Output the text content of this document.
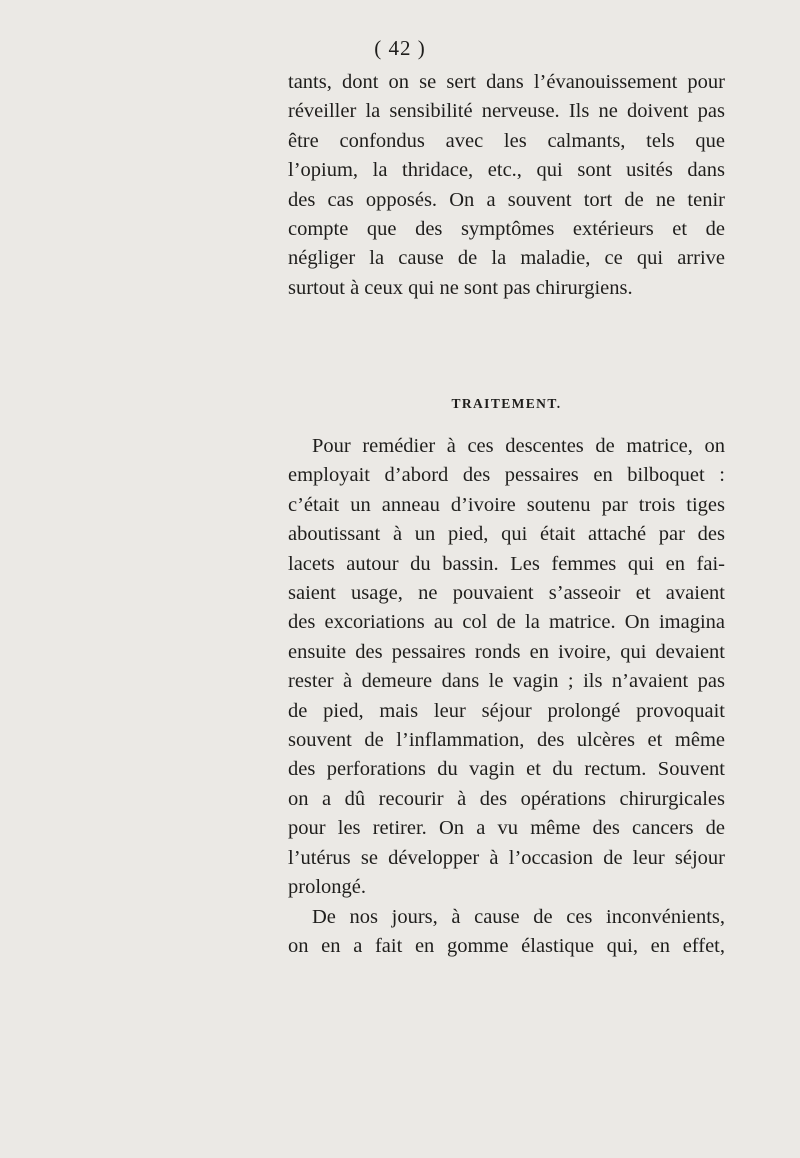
( 42 )
tants, dont on se sert dans l’évanouissement pour
réveiller la sensibilité nerveuse. Ils ne doivent pas
être confondus avec les calmants, tels que
l’opium, la thridace, etc., qui sont usités dans
des cas opposés. On a souvent tort de ne tenir
compte que des symptômes extérieurs et de
négliger la cause de la maladie, ce qui arrive
surtout à ceux qui ne sont pas chirurgiens.
TRAITEMENT.
Pour remédier à ces descentes de matrice, on
employait d’abord des pessaires en bilboquet :
c’était un anneau d’ivoire soutenu par trois tiges
aboutissant à un pied, qui était attaché par des
lacets autour du bassin. Les femmes qui en fai-
saient usage, ne pouvaient s’asseoir et avaient
des excoriations au col de la matrice. On imagina
ensuite des pessaires ronds en ivoire, qui devaient
rester à demeure dans le vagin ; ils n’avaient pas
de pied, mais leur séjour prolongé provoquait
souvent de l’inflammation, des ulcères et même
des perforations du vagin et du rectum. Souvent
on a dû recourir à des opérations chirurgicales
pour les retirer. On a vu même des cancers de
l’utérus se développer à l’occasion de leur séjour
prolongé.
De nos jours, à cause de ces inconvénients,
on en a fait en gomme élastique qui, en effet,
